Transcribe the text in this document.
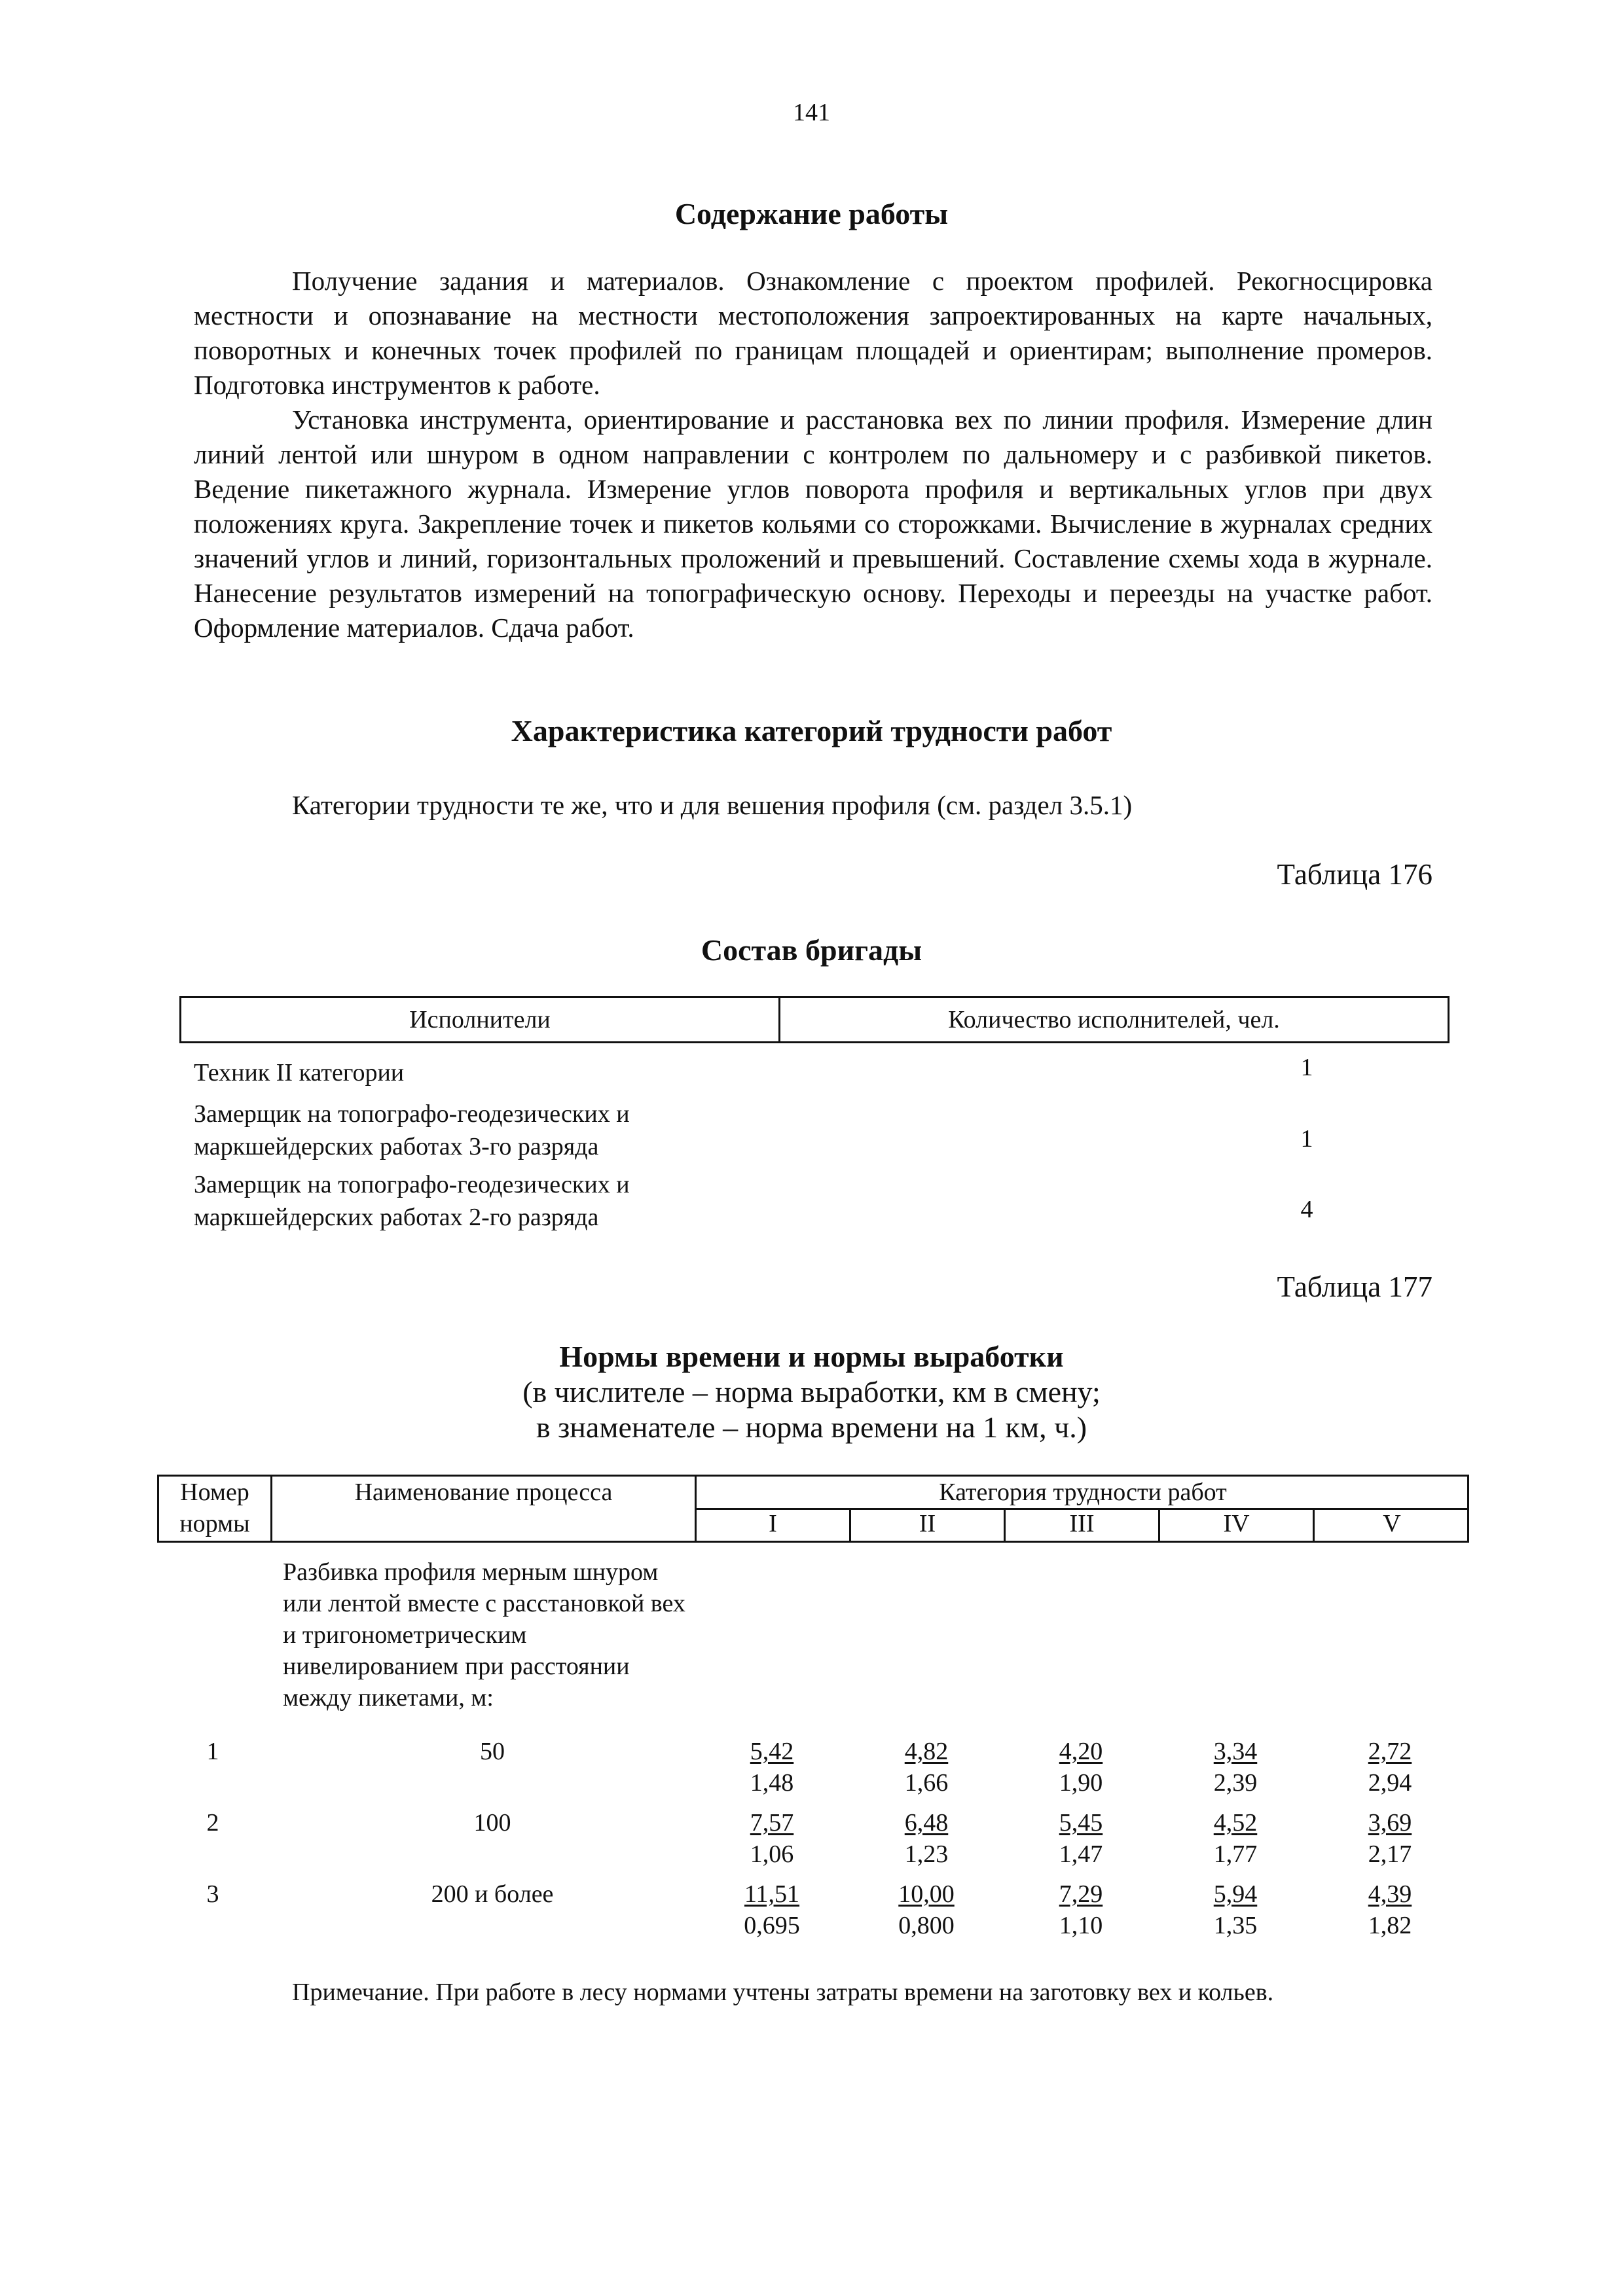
141
Содержание работы

Получение задания и материалов. Ознакомление с проектом профилей. Рекогносцировка местности и опознавание на местности местоположения запроектированных на карте начальных, поворотных и конечных точек профилей по границам площадей и ориентирам; выполнение промеров. Подготовка инструментов к работе.

Установка инструмента, ориентирование и расстановка вех по линии профиля. Измерение длин линий лентой или шнуром в одном направлении с контролем по дальномеру и с разбивкой пикетов. Ведение пикетажного журнала. Измерение углов поворота профиля и вертикальных углов при двух положениях круга. Закрепление точек и пикетов кольями со сторожками. Вычисление в журналах средних значений углов и линий, горизонтальных проложений и превышений. Составление схемы хода в журнале. Нанесение результатов измерений на топографическую основу. Переходы и переезды на участке работ. Оформление материалов. Сдача работ.

Характеристика категорий трудности работ
Категории трудности те же, что и для вешения профиля (см. раздел 3.5.1)
Таблица 176
Состав бригады
Исполнители	Количество исполнителей, чел.
Техник II категории	1
Замерщик на топографо-геодезических и
маркшейдерских работах 3-го разряда	1
Замерщик на топографо-геодезических и
маркшейдерских работах 2-го разряда	4
Таблица 177
Нормы времени и нормы выработки
(в числителе – норма выработки, км в смену;
в знаменателе – норма времени на 1 км, ч.)
Номер
нормы
Наименование процесса	Категория трудности работ
I	II	III	IV	V
Разбивка профиля мерным шнуром или лентой вместе с расстановкой вех и тригонометрическим нивелированием при расстоянии между пикетами, м:
1	50	$\frac{5,42}{1,48} \frac{4,82}{1,66} \frac{4,20}{1,90} \frac{3,34}{2,39} \frac{2,72}{2,94}$
2	100	$\frac{7,57}{1,06} \frac{6,48}{1,23} \frac{5,45}{1,47} \frac{4,52}{1,77} \frac{3,69}{2,17}$
3	200 и более	$\frac{11,51}{0,695} \frac{10,00}{0,800} \frac{7,29}{1,10} \frac{5,94}{1,35} \frac{4,39}{1,82}$
Примечание. При работе в лесу нормами учтены затраты времени на заготовку вех и кольев.
